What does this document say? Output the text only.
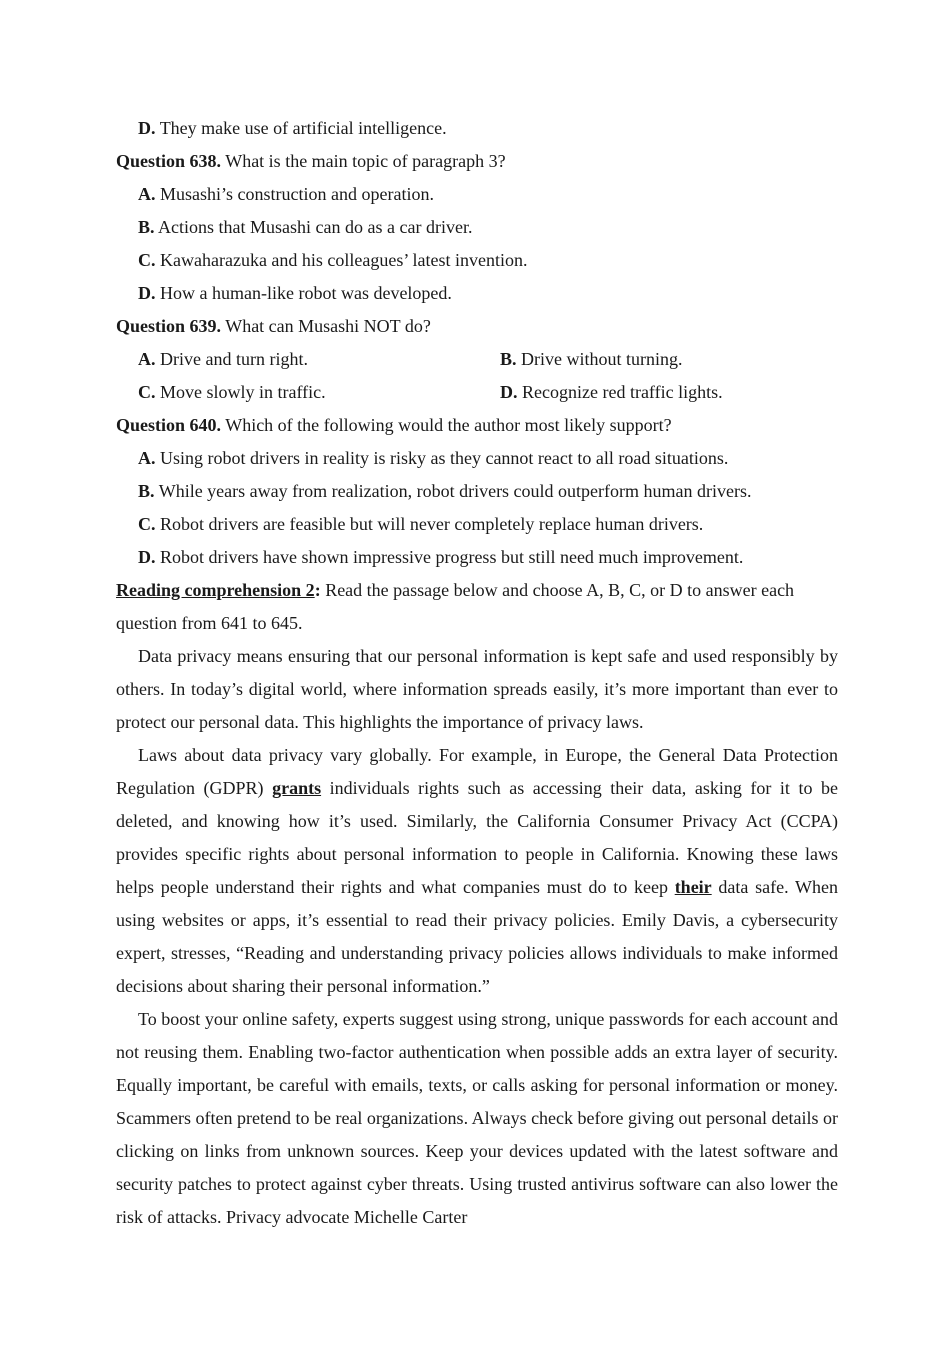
D. They make use of artificial intelligence.
Question 638. What is the main topic of paragraph 3?
A. Musashi’s construction and operation.
B. Actions that Musashi can do as a car driver.
C. Kawaharazuka and his colleagues’ latest invention.
D. How a human-like robot was developed.
Question 639. What can Musashi NOT do?
A. Drive and turn right.	B. Drive without turning.
C. Move slowly in traffic.	D. Recognize red traffic lights.
Question 640. Which of the following would the author most likely support?
A. Using robot drivers in reality is risky as they cannot react to all road situations.
B. While years away from realization, robot drivers could outperform human drivers.
C. Robot drivers are feasible but will never completely replace human drivers.
D. Robot drivers have shown impressive progress but still need much improvement.
Reading comprehension 2: Read the passage below and choose A, B, C, or D to answer each
question from 641 to 645.

Data privacy means ensuring that our personal information is kept safe and used responsibly by others. In today’s digital world, where information spreads easily, it’s more important than ever to protect our personal data. This highlights the importance of privacy laws.

Laws about data privacy vary globally. For example, in Europe, the General Data Protection Regulation (GDPR) grants individuals rights such as accessing their data, asking for it to be deleted, and knowing how it’s used. Similarly, the California Consumer Privacy Act (CCPA) provides specific rights about personal information to people in California. Knowing these laws helps people understand their rights and what companies must do to keep their data safe. When using websites or apps, it’s essential to read their privacy policies. Emily Davis, a cybersecurity expert, stresses, “Reading and understanding privacy policies allows individuals to make informed decisions about sharing their personal information.”

To boost your online safety, experts suggest using strong, unique passwords for each account and not reusing them. Enabling two-factor authentication when possible adds an extra layer of security. Equally important, be careful with emails, texts, or calls asking for personal information or money. Scammers often pretend to be real organizations. Always check before giving out personal details or clicking on links from unknown sources. Keep your devices updated with the latest software and security patches to protect against cyber threats. Using trusted antivirus software can also lower the risk of attacks. Privacy advocate Michelle Carter
